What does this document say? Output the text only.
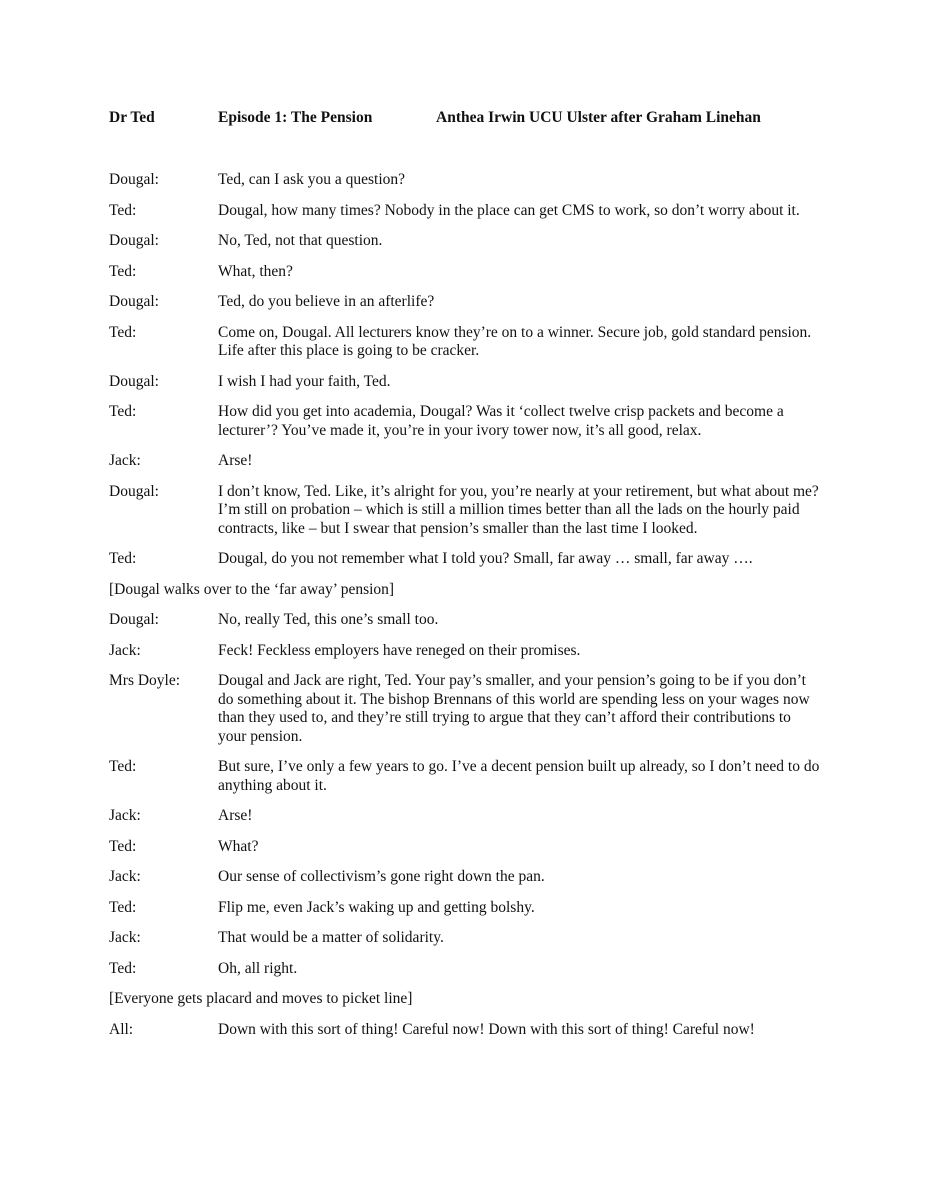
Dr Ted	Episode 1: The Pension	Anthea Irwin UCU Ulster after Graham Linehan
Dougal:	Ted, can I ask you a question?
Ted:	Dougal, how many times? Nobody in the place can get CMS to work, so don’t worry about it.
Dougal:	No, Ted, not that question.
Ted:	What, then?
Dougal:	Ted, do you believe in an afterlife?
Ted:	Come on, Dougal. All lecturers know they’re on to a winner. Secure job, gold standard pension. Life after this place is going to be cracker.
Dougal:	I wish I had your faith, Ted.
Ted:	How did you get into academia, Dougal? Was it ‘collect twelve crisp packets and become a lecturer’? You’ve made it, you’re in your ivory tower now, it’s all good, relax.
Jack:	Arse!
Dougal:	I don’t know, Ted. Like, it’s alright for you, you’re nearly at your retirement, but what about me? I’m still on probation – which is still a million times better than all the lads on the hourly paid contracts, like – but I swear that pension’s smaller than the last time I looked.
Ted:	Dougal, do you not remember what I told you? Small, far away … small, far away ….
[Dougal walks over to the ‘far away’ pension]
Dougal:	No, really Ted, this one’s small too.
Jack:	Feck! Feckless employers have reneged on their promises.
Mrs Doyle:	Dougal and Jack are right, Ted. Your pay’s smaller, and your pension’s going to be if you don’t do something about it. The bishop Brennans of this world are spending less on your wages now than they used to, and they’re still trying to argue that they can’t afford their contributions to your pension.
Ted:	But sure, I’ve only a few years to go. I’ve a decent pension built up already, so I don’t need to do anything about it.
Jack:	Arse!
Ted:	What?
Jack:	Our sense of collectivism’s gone right down the pan.
Ted:	Flip me, even Jack’s waking up and getting bolshy.
Jack:	That would be a matter of solidarity.
Ted:	Oh, all right.
[Everyone gets placard and moves to picket line]
All:	Down with this sort of thing! Careful now! Down with this sort of thing! Careful now!
